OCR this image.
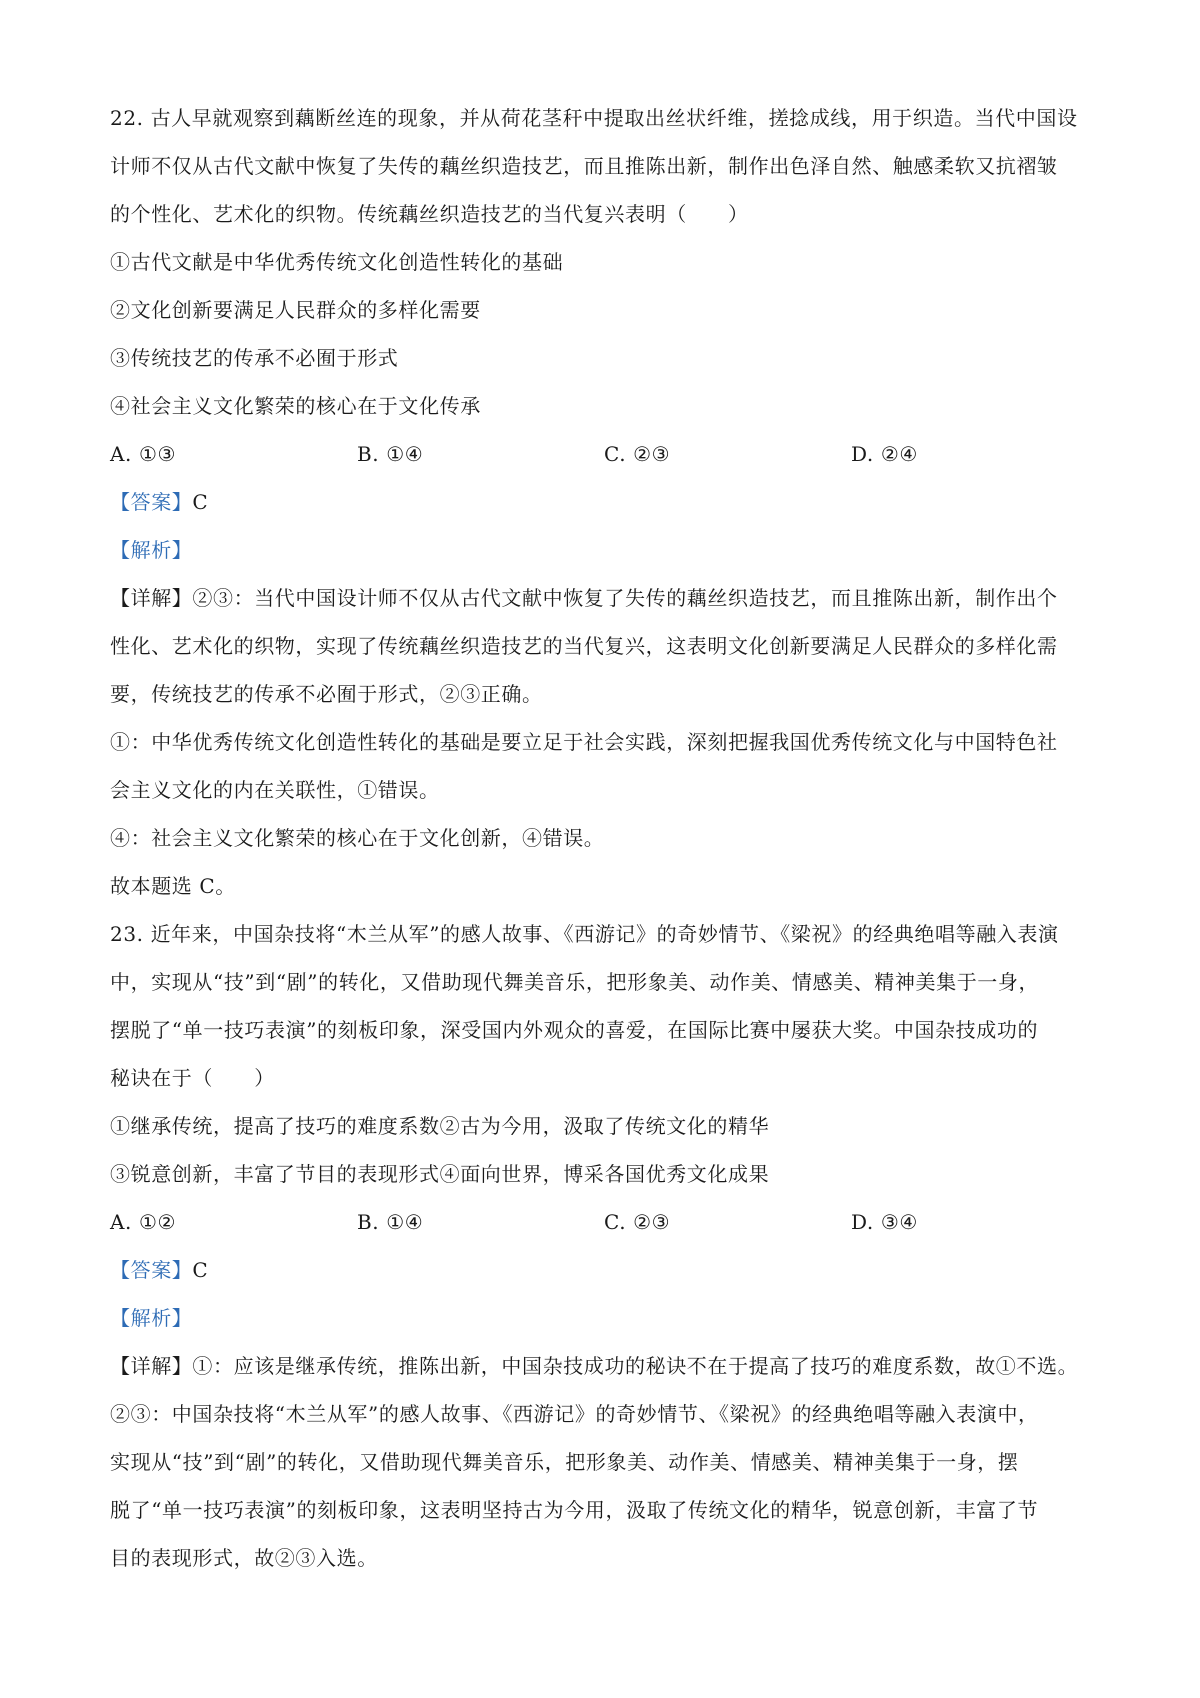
22. 古人早就观察到藕断丝连的现象，并从荷花茎秆中提取出丝状纤维，搓捻成线，用于织造。当代中国设
计师不仅从古代文献中恢复了失传的藕丝织造技艺，而且推陈出新，制作出色泽自然、触感柔软又抗褶皱
的个性化、艺术化的织物。传统藕丝织造技艺的当代复兴表明（　　）
①古代文献是中华优秀传统文化创造性转化的基础
②文化创新要满足人民群众的多样化需要
③传统技艺的传承不必囿于形式
④社会主义文化繁荣的核心在于文化传承
A. ①③	B. ①④	C. ②③	D. ②④
【答案】C
【解析】
【详解】②③：当代中国设计师不仅从古代文献中恢复了失传的藕丝织造技艺，而且推陈出新，制作出个
性化、艺术化的织物，实现了传统藕丝织造技艺的当代复兴，这表明文化创新要满足人民群众的多样化需
要，传统技艺的传承不必囿于形式，②③正确。
①：中华优秀传统文化创造性转化的基础是要立足于社会实践，深刻把握我国优秀传统文化与中国特色社
会主义文化的内在关联性，①错误。
④：社会主义文化繁荣的核心在于文化创新，④错误。
故本题选 C。
23. 近年来，中国杂技将“木兰从军”的感人故事、《西游记》的奇妙情节、《梁祝》的经典绝唱等融入表演
中，实现从“技”到“剧”的转化，又借助现代舞美音乐，把形象美、动作美、情感美、精神美集于一身，
摆脱了“单一技巧表演”的刻板印象，深受国内外观众的喜爱，在国际比赛中屡获大奖。中国杂技成功的
秘诀在于（　　）
①继承传统，提高了技巧的难度系数②古为今用，汲取了传统文化的精华
③锐意创新，丰富了节目的表现形式④面向世界，博采各国优秀文化成果
A. ①②	B. ①④	C. ②③	D. ③④
【答案】C
【解析】
【详解】①：应该是继承传统，推陈出新，中国杂技成功的秘诀不在于提高了技巧的难度系数，故①不选。
②③：中国杂技将“木兰从军”的感人故事、《西游记》的奇妙情节、《梁祝》的经典绝唱等融入表演中，
实现从“技”到“剧”的转化，又借助现代舞美音乐，把形象美、动作美、情感美、精神美集于一身，摆
脱了“单一技巧表演”的刻板印象，这表明坚持古为今用，汲取了传统文化的精华，锐意创新，丰富了节
目的表现形式，故②③入选。
